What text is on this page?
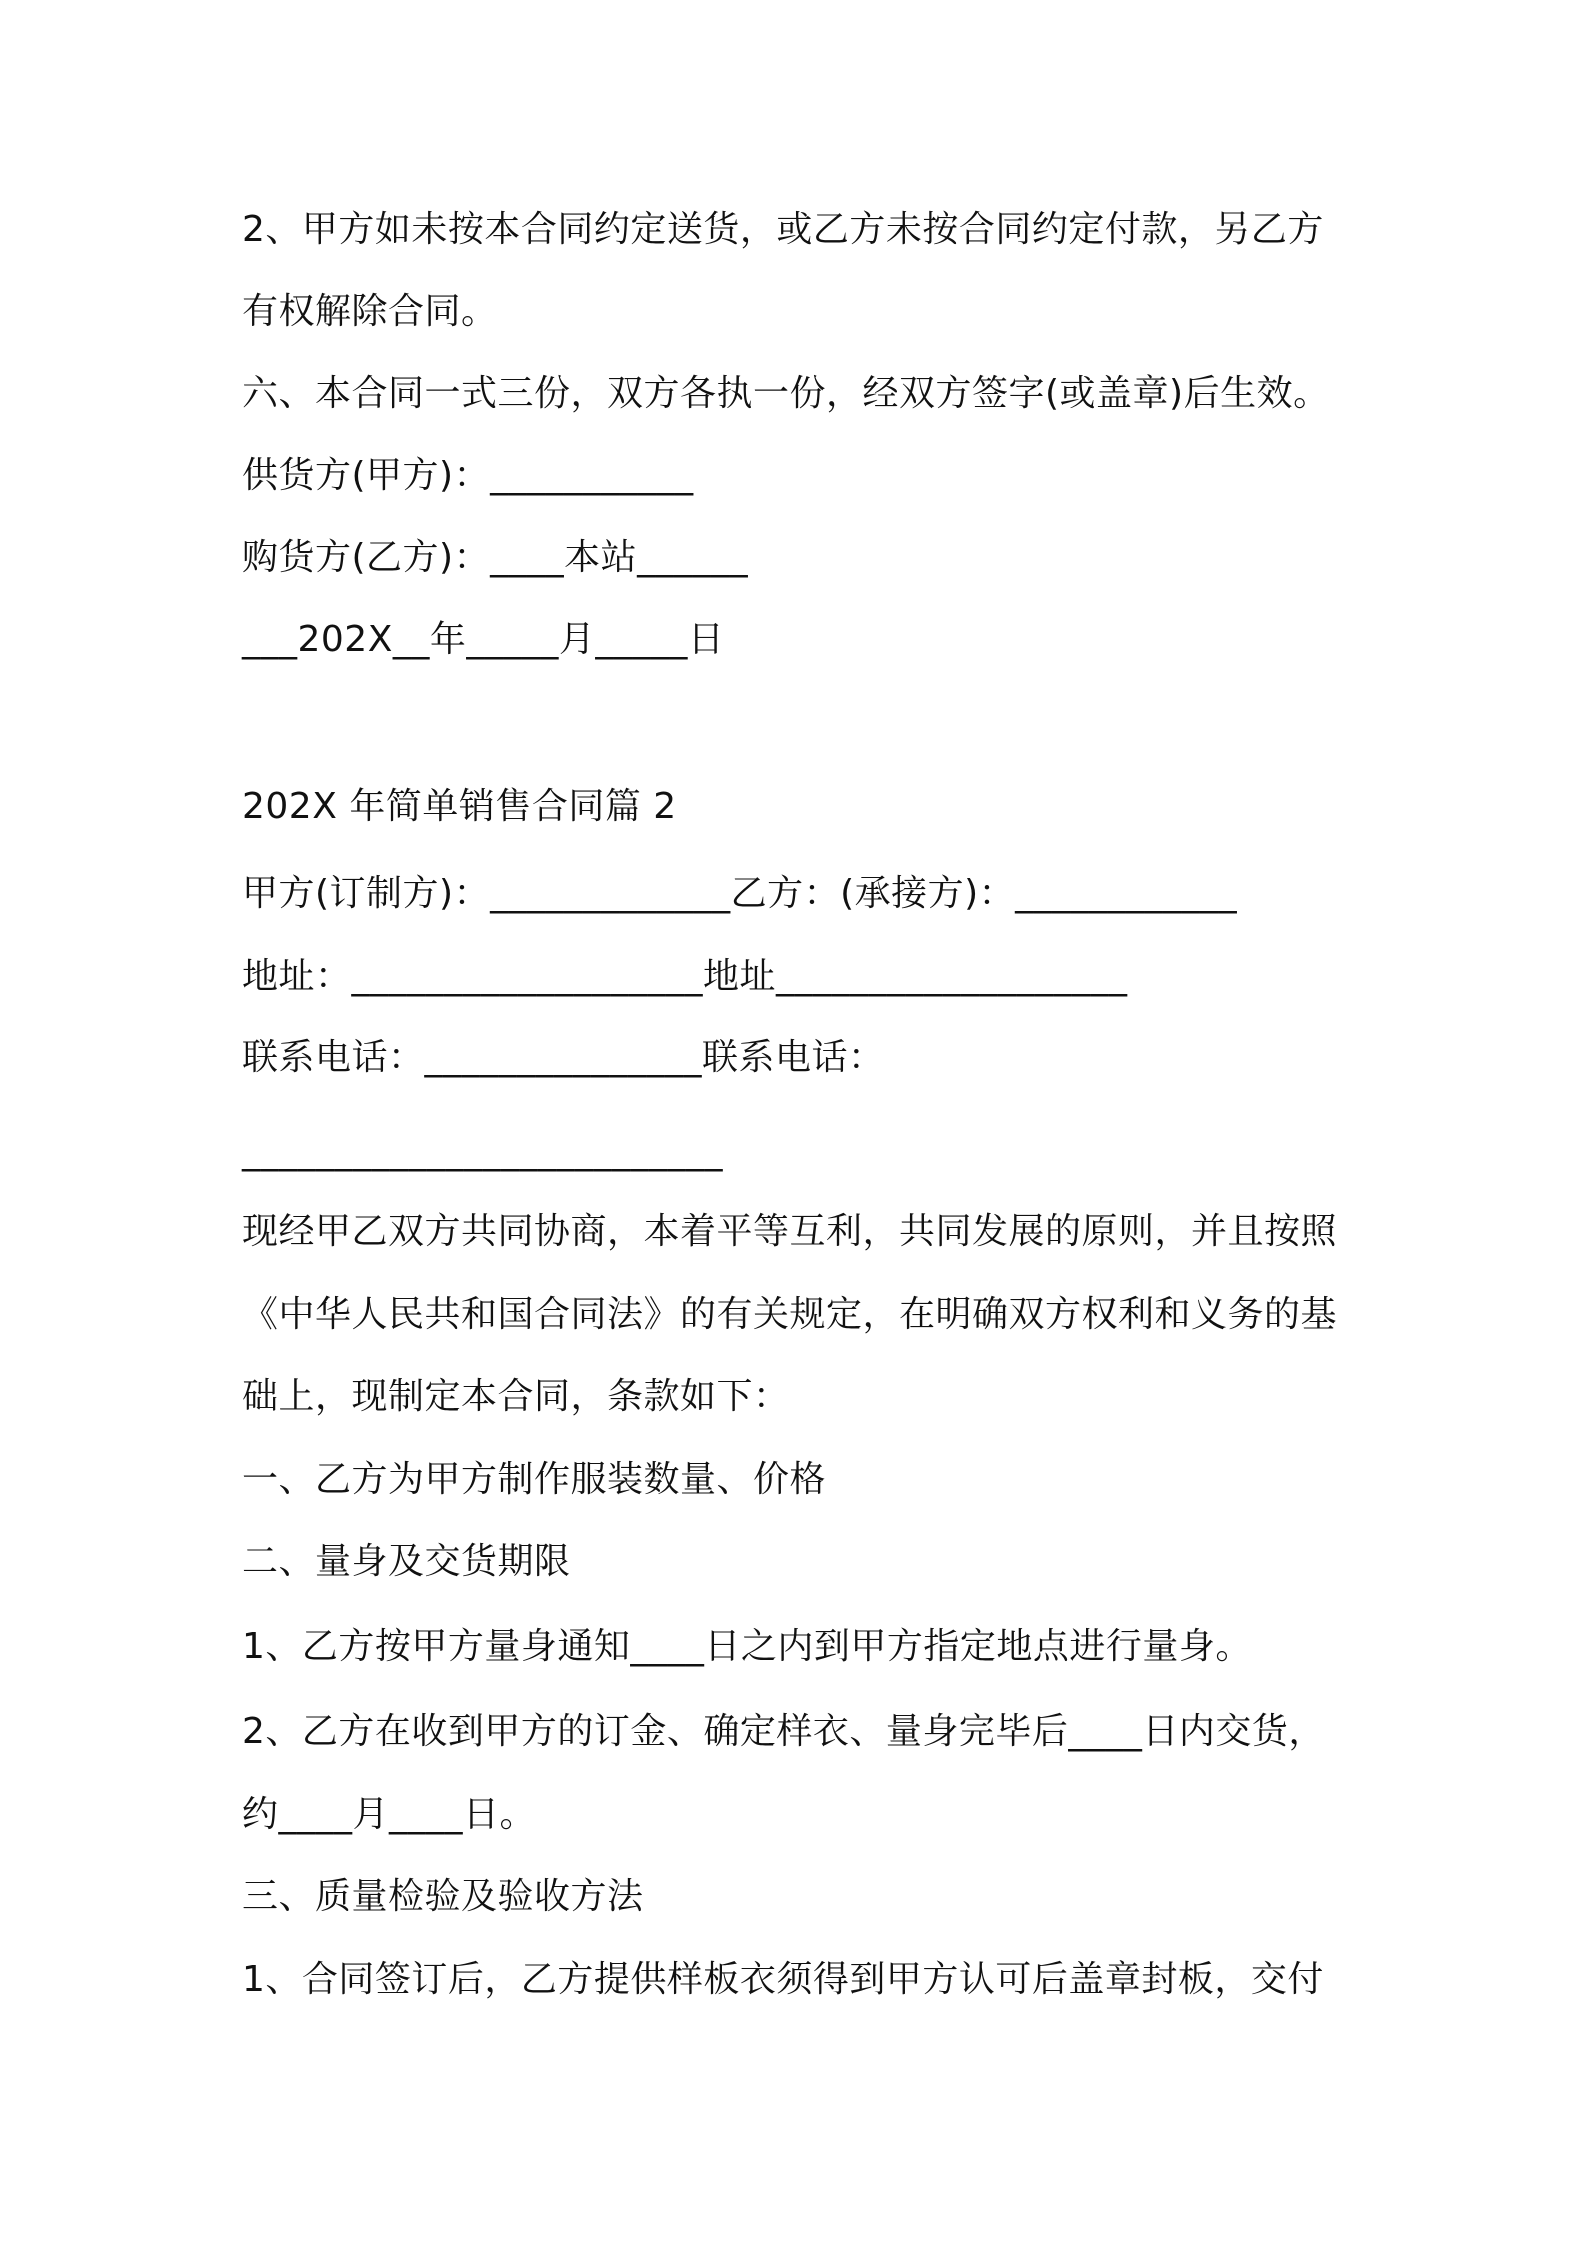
2、甲方如未按本合同约定送货，或乙方未按合同约定付款，另乙方
有权解除合同。
六、本合同一式三份，双方各执一份，经双方签字(或盖章)后生效。
供货方(甲方)：___________
购货方(乙方)：____本站______
___202X__年_____月_____日
202X 年简单销售合同篇 2
甲方(订制方)：_____________乙方：(承接方)：____________
地址：___________________地址___________________
联系电话：_______________联系电话：
__________________________
现经甲乙双方共同协商，本着平等互利，共同发展的原则，并且按照
《中华人民共和国合同法》的有关规定，在明确双方权利和义务的基
础上，现制定本合同，条款如下：
一、乙方为甲方制作服装数量、价格
二、量身及交货期限
1、乙方按甲方量身通知____日之内到甲方指定地点进行量身。
2、乙方在收到甲方的订金、确定样衣、量身完毕后____日内交货，
约____月____日。
三、质量检验及验收方法
1、合同签订后，乙方提供样板衣须得到甲方认可后盖章封板，交付
